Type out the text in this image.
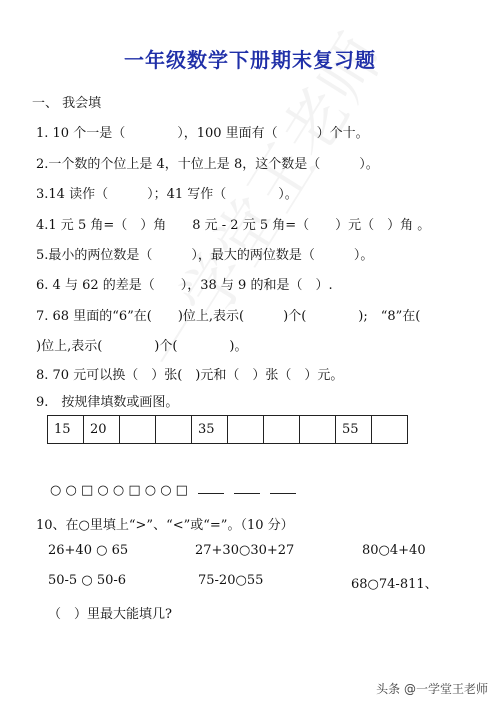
一年级数学下册期末复习题
一、 我会填
1. 10 个一是（　　　　），100 里面有（　　　）个十。
2.一个数的个位上是 4，十位上是 8，这个数是（　　　）。
3.14 读作（　　　）；41 写作（　　　　）。
4.1 元 5 角=（　）角　　8 元 - 2 元 5 角=（　　）元（　）角 。
5.最小的两位数是（　　　），最大的两位数是（　　　）。
6. 4 与 62 的差是（　　），38 与 9 的和是（　）.
7. 68 里面的“6”在(　　)位上,表示(　　　)个(　　　　);　“8”在(
)位上,表示(　　　　)个(　　　　)。
8. 70 元可以换（　）张(　)元和（　）张（　）元。
9.　按规律填数或画图。
15	20			35				55	
○ ○ □ ○ ○ □ ○ ○ □
10、在○里填上“>”、“<”或“=”。（10 分）
26+40 ○ 65	27+30○30+27	80○4+40
50-5 ○ 50-6	75-20○55	68○74-811、
（　）里最大能填几?
头条 @一学堂王老师
